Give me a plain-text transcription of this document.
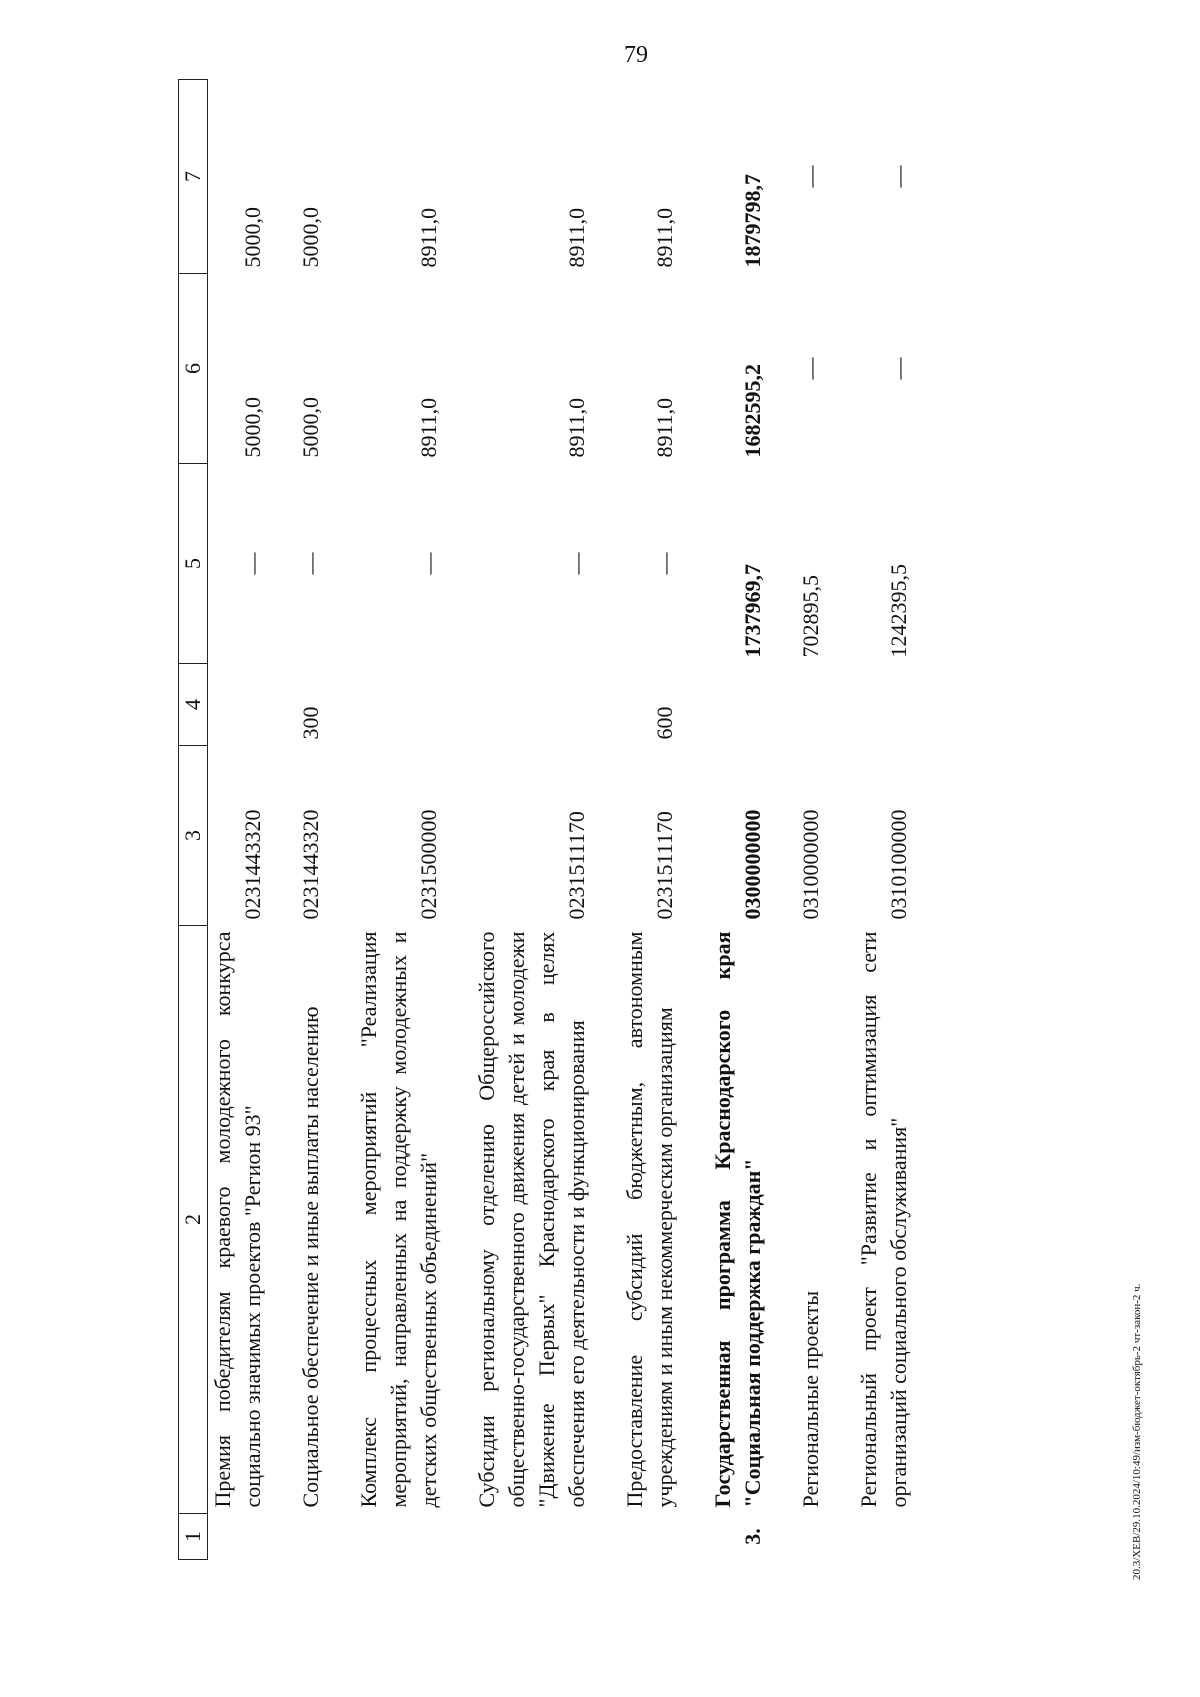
79
1	2	3	4	5	6	7
	Премия победителям краевого молодежного конкурса социально значимых проектов "Регион 93"	0231443320		—	5000,0	5000,0

	Социальное обеспечение и иные выплаты населению	0231443320	300	—	5000,0	5000,0

	Комплекс процессных мероприятий "Реализация мероприятий, направленных на поддержку молодежных и детских общественных объединений"	0231500000		—	8911,0	8911,0

	Субсидии региональному отделению Общероссийского общественно-государственного движения детей и молодежи "Движение Первых" Краснодарского края в целях обеспечения его деятельности и функционирования	0231511170		—	8911,0	8911,0

	Предоставление субсидий бюджетным, автономным учреждениям и иным некоммерческим организациям	0231511170	600	—	8911,0	8911,0

3.	Государственная программа Краснодарского края "Социальная поддержка граждан"	0300000000		1737969,7	1682595,2	1879798,7

	Региональные проекты	0310000000		702895,5	—	—

	Региональный проект "Развитие и оптимизация сети организаций социального обслуживания"	0310100000		1242395,5	—	—
20.3/XEB/29.10.2024/10:49/изм-бюджет-октябрь-2 чт-закон-2 ч.
